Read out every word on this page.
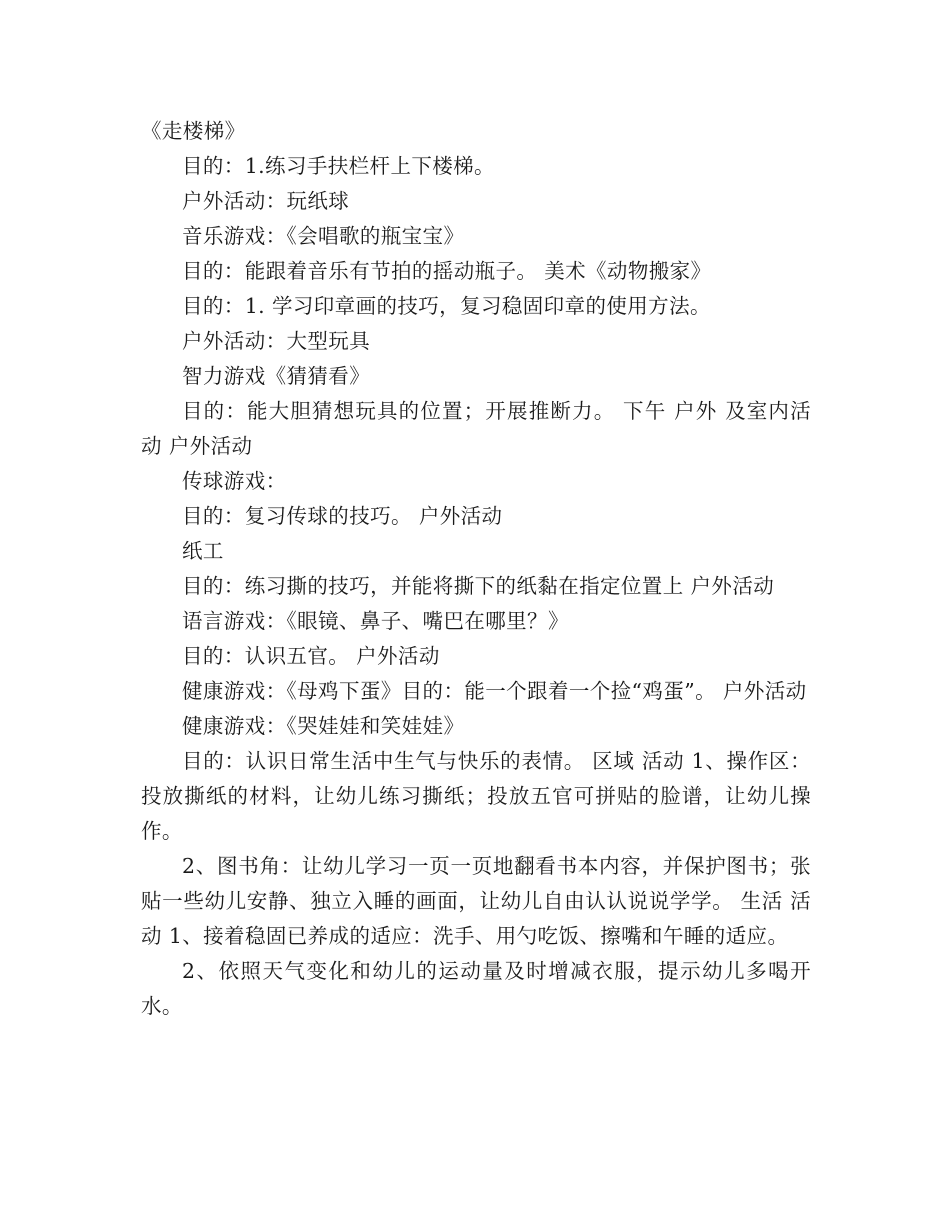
《走楼梯》
目的：1.练习手扶栏杆上下楼梯。
户外活动：玩纸球
音乐游戏：《会唱歌的瓶宝宝》
目的：能跟着音乐有节拍的摇动瓶子。 美术《动物搬家》
目的：1. 学习印章画的技巧，复习稳固印章的使用方法。
户外活动：大型玩具
智力游戏《猜猜看》
目的：能大胆猜想玩具的位置；开展推断力。 下午 户外 及室内活 动 户外活动
传球游戏：
目的：复习传球的技巧。 户外活动
纸工
目的：练习撕的技巧，并能将撕下的纸黏在指定位置上 户外活动
语言游戏：《眼镜、鼻子、嘴巴在哪里？》
目的：认识五官。 户外活动
健康游戏：《母鸡下蛋》目的：能一个跟着一个捡“鸡蛋”。 户外活动
健康游戏：《哭娃娃和笑娃娃》
目的：认识日常生活中生气与快乐的表情。 区域 活动 1、操作区：投放撕纸的材料，让幼儿练习撕纸；投放五官可拼贴的脸谱，让幼儿操作。
2、图书角：让幼儿学习一页一页地翻看书本内容，并保护图书；张贴一些幼儿安静、独立入睡的画面，让幼儿自由认认说说学学。 生活 活动 1、接着稳固已养成的适应：洗手、用勺吃饭、擦嘴和午睡的适应。
2、依照天气变化和幼儿的运动量及时增减衣服，提示幼儿多喝开水。
